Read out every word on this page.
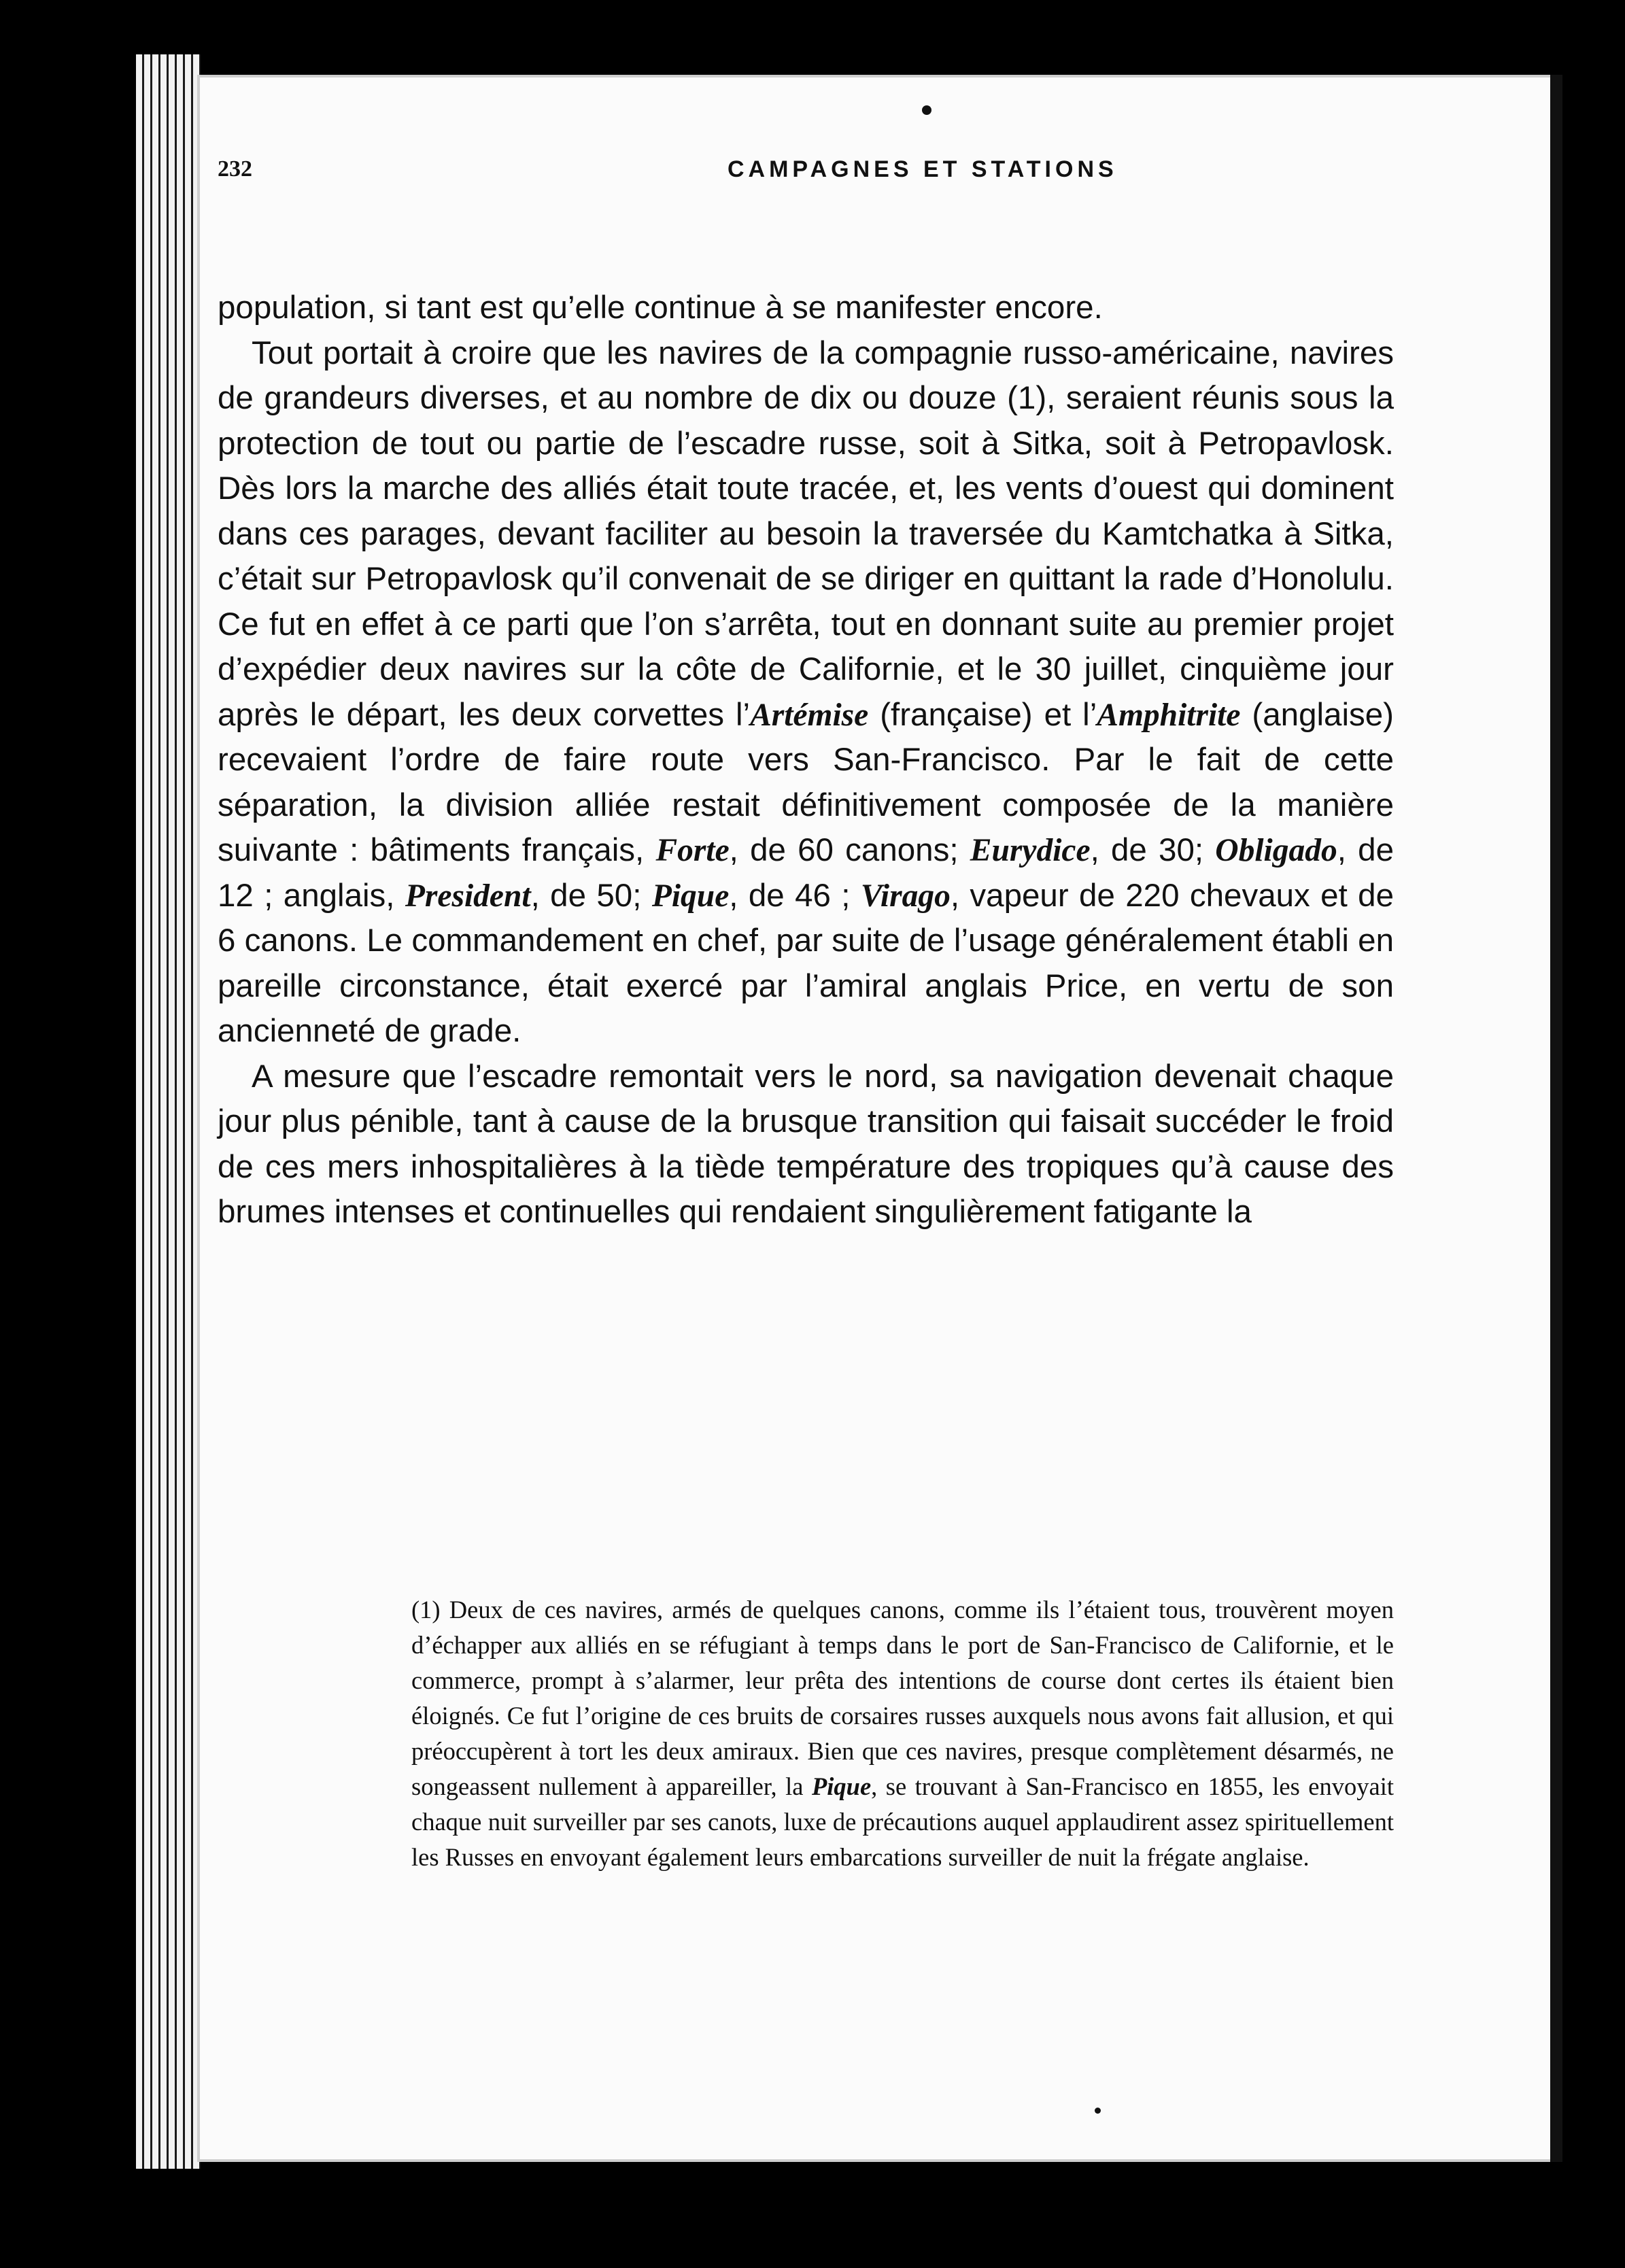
232	CAMPAGNES ET STATIONS

population, si tant est qu’elle continue à se manifester encore.

Tout portait à croire que les navires de la compagnie russo-américaine, navires de grandeurs diverses, et au nombre de dix ou douze (1), seraient réunis sous la protection de tout ou partie de l’escadre russe, soit à Sitka, soit à Petropavlosk. Dès lors la marche des alliés était toute tracée, et, les vents d’ouest qui dominent dans ces parages, devant faciliter au besoin la traversée du Kamtchatka à Sitka, c’était sur Petropavlosk qu’il convenait de se diriger en quittant la rade d’Honolulu. Ce fut en effet à ce parti que l’on s’arrêta, tout en donnant suite au premier projet d’expédier deux navires sur la côte de Californie, et le 30 juillet, cinquième jour après le départ, les deux corvettes l’Artémise (française) et l’Amphitrite (anglaise) recevaient l’ordre de faire route vers San-Francisco. Par le fait de cette séparation, la division alliée restait définitivement composée de la manière suivante : bâtiments français, Forte, de 60 canons; Eurydice, de 30; Obligado, de 12 ; anglais, President, de 50; Pique, de 46 ; Virago, vapeur de 220 chevaux et de 6 canons. Le commandement en chef, par suite de l’usage généralement établi en pareille circonstance, était exercé par l’amiral anglais Price, en vertu de son ancienneté de grade.

A mesure que l’escadre remontait vers le nord, sa navigation devenait chaque jour plus pénible, tant à cause de la brusque transition qui faisait succéder le froid de ces mers inhospitalières à la tiède température des tropiques qu’à cause des brumes intenses et continuelles qui rendaient singulièrement fatigante la

(1) Deux de ces navires, armés de quelques canons, comme ils l’étaient tous, trouvèrent moyen d’échapper aux alliés en se réfugiant à temps dans le port de San-Francisco de Californie, et le commerce, prompt à s’alarmer, leur prêta des intentions de course dont certes ils étaient bien éloignés. Ce fut l’origine de ces bruits de corsaires russes auxquels nous avons fait allusion, et qui préoccupèrent à tort les deux amiraux. Bien que ces navires, presque complètement désarmés, ne songeassent nullement à appareiller, la Pique, se trouvant à San-Francisco en 1855, les envoyait chaque nuit surveiller par ses canots, luxe de précautions auquel applaudirent assez spirituellement les Russes en envoyant également leurs embarcations surveiller de nuit la frégate anglaise.
